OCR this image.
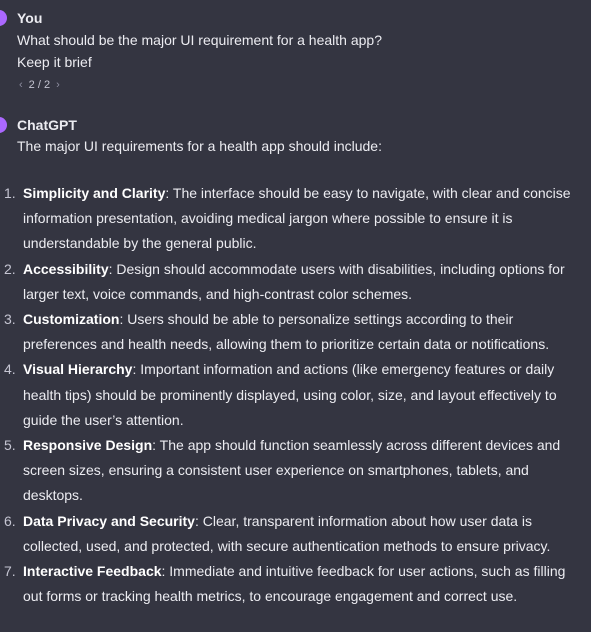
You
What should be the major UI requirement for a health app?
Keep it brief
‹ 2 / 2 ›
ChatGPT
The major UI requirements for a health app should include:
1. Simplicity and Clarity: The interface should be easy to navigate, with clear and concise information presentation, avoiding medical jargon where possible to ensure it is understandable by the general public.
2. Accessibility: Design should accommodate users with disabilities, including options for larger text, voice commands, and high-contrast color schemes.
3. Customization: Users should be able to personalize settings according to their preferences and health needs, allowing them to prioritize certain data or notifications.
4. Visual Hierarchy: Important information and actions (like emergency features or daily health tips) should be prominently displayed, using color, size, and layout effectively to guide the user’s attention.
5. Responsive Design: The app should function seamlessly across different devices and screen sizes, ensuring a consistent user experience on smartphones, tablets, and desktops.
6. Data Privacy and Security: Clear, transparent information about how user data is collected, used, and protected, with secure authentication methods to ensure privacy.
7. Interactive Feedback: Immediate and intuitive feedback for user actions, such as filling out forms or tracking health metrics, to encourage engagement and correct use.
